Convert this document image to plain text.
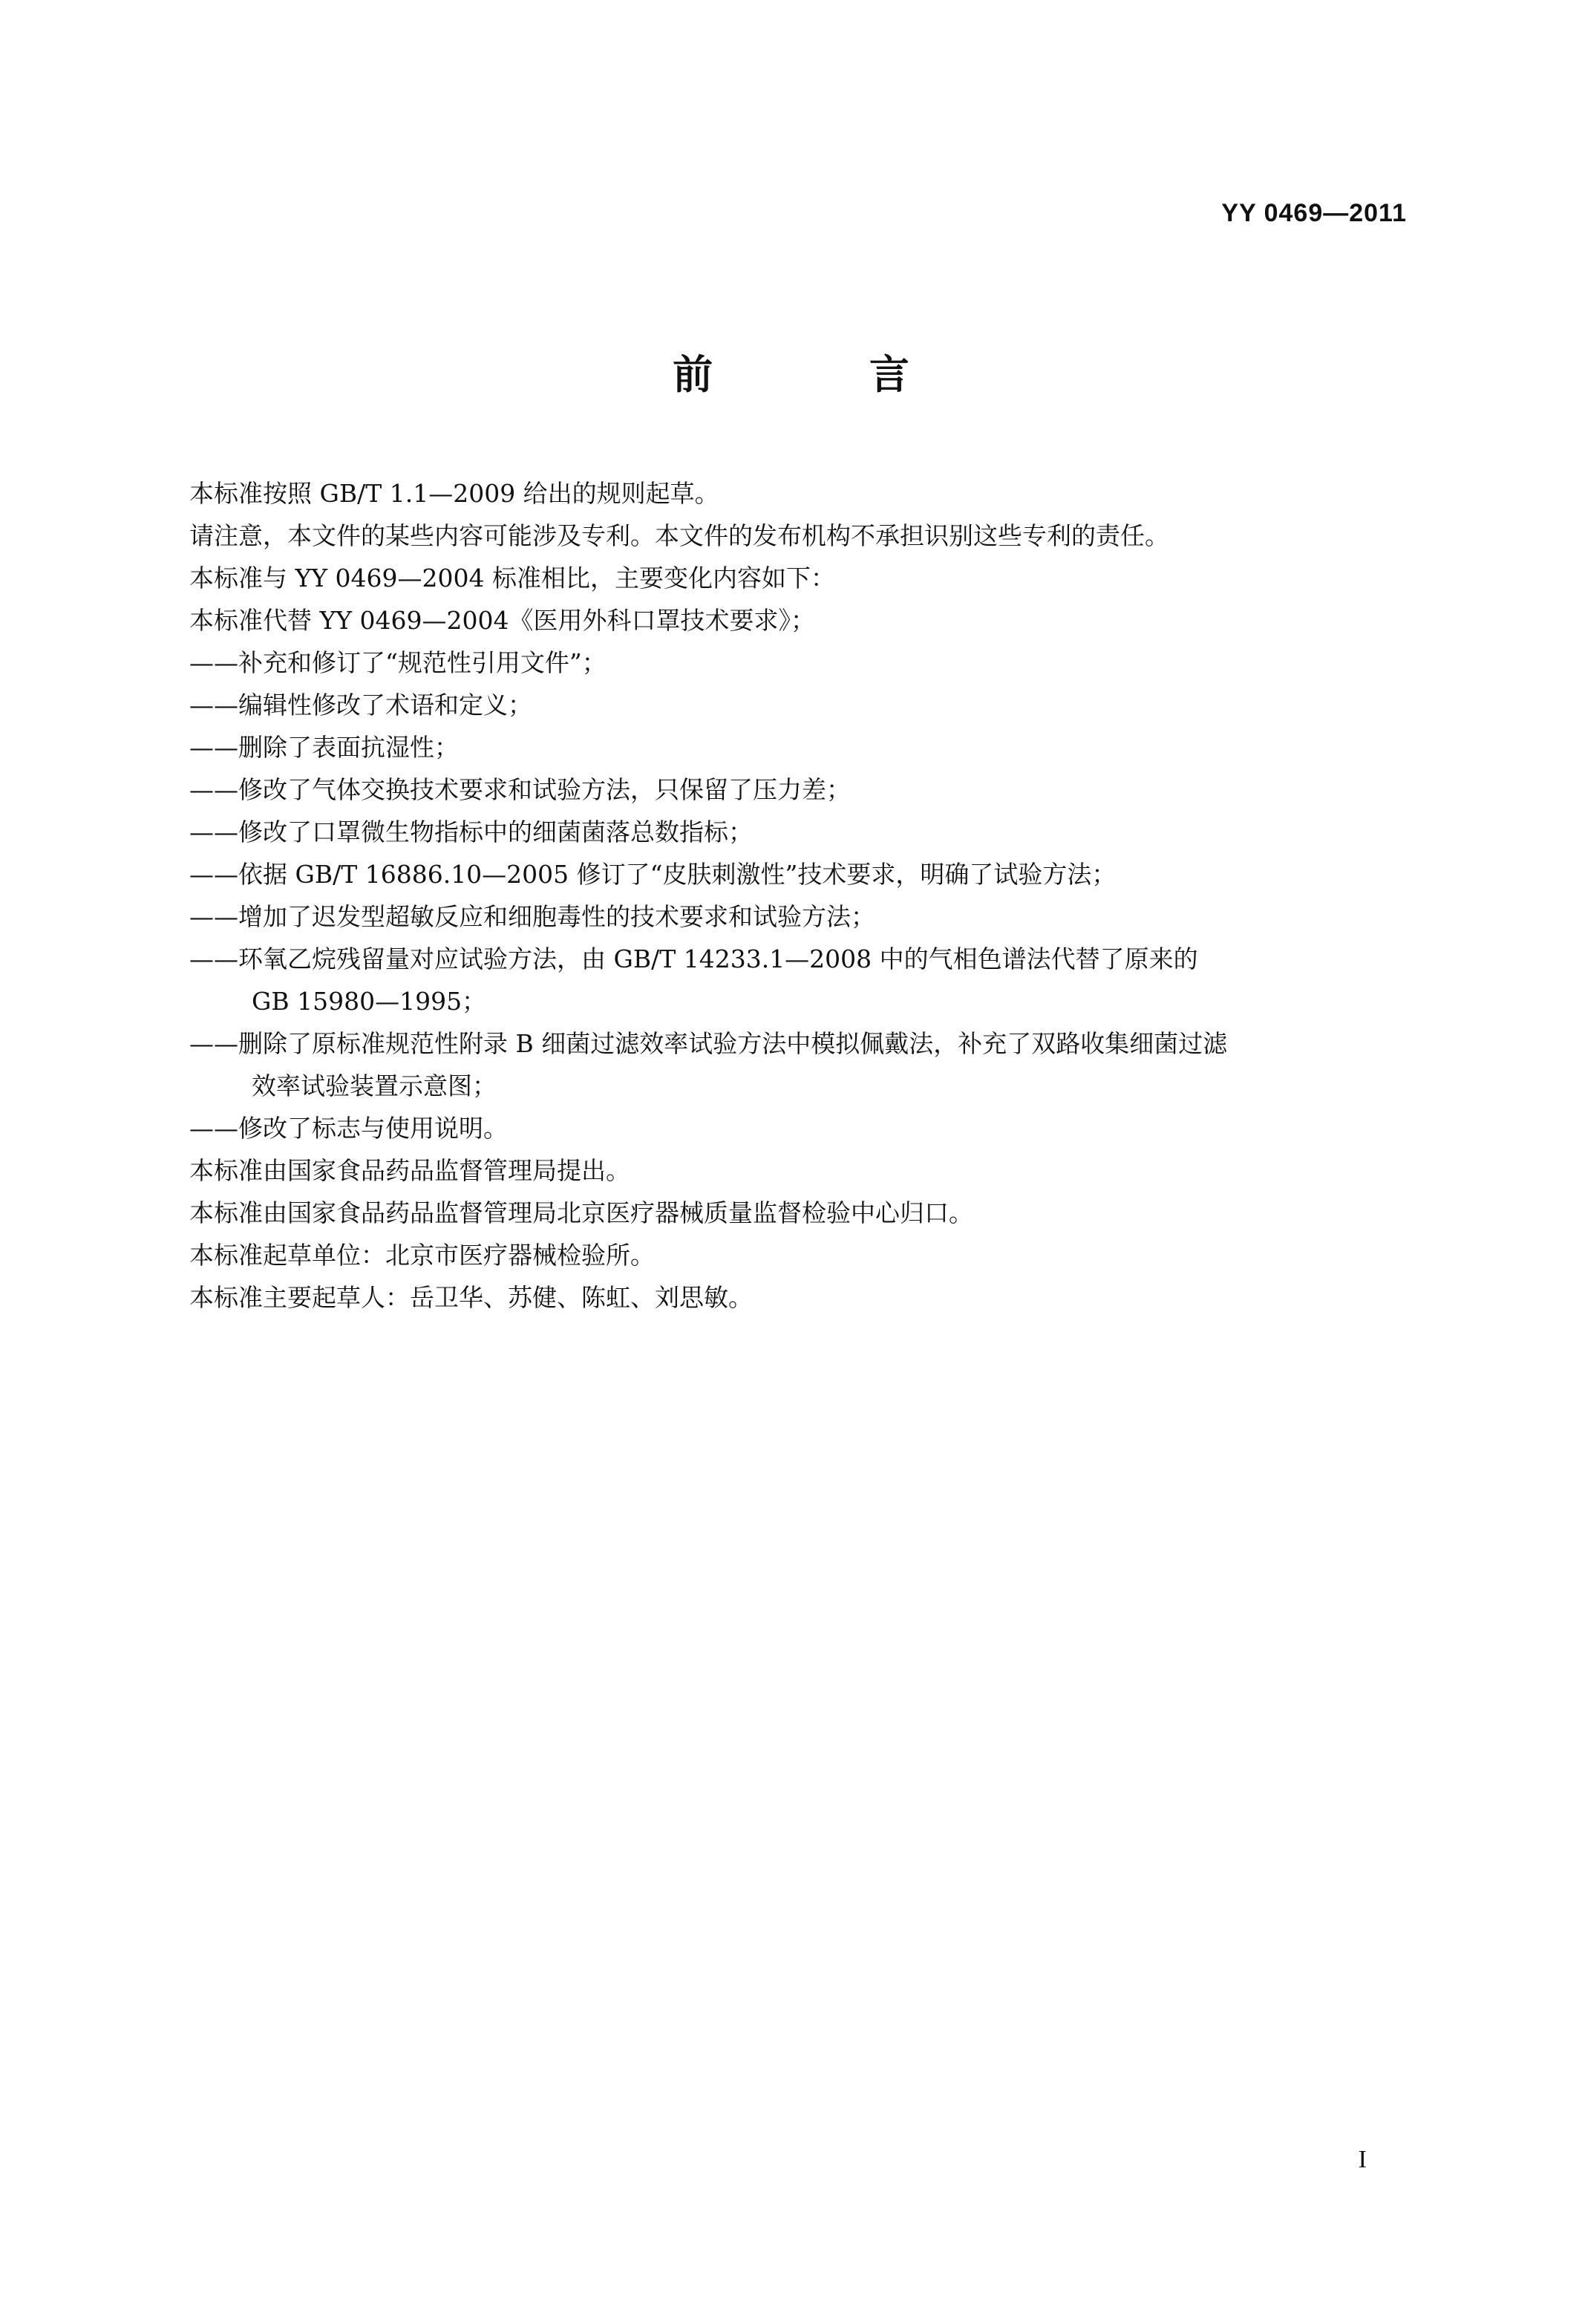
YY 0469—2011
前 言

本标准按照 GB/T 1.1—2009 给出的规则起草。

请注意，本文件的某些内容可能涉及专利。本文件的发布机构不承担识别这些专利的责任。

本标准与 YY 0469—2004 标准相比，主要变化内容如下：

本标准代替 YY 0469—2004《医用外科口罩技术要求》；

——补充和修订了“规范性引用文件”；

——编辑性修改了术语和定义；

——删除了表面抗湿性；

——修改了气体交换技术要求和试验方法，只保留了压力差；

——修改了口罩微生物指标中的细菌菌落总数指标；

——依据 GB/T 16886.10—2005 修订了“皮肤刺激性”技术要求，明确了试验方法；

——增加了迟发型超敏反应和细胞毒性的技术要求和试验方法；

——环氧乙烷残留量对应试验方法，由 GB/T 14233.1—2008 中的气相色谱法代替了原来的

GB 15980—1995；

——删除了原标准规范性附录 B 细菌过滤效率试验方法中模拟佩戴法，补充了双路收集细菌过滤

效率试验装置示意图；

——修改了标志与使用说明。

本标准由国家食品药品监督管理局提出。

本标准由国家食品药品监督管理局北京医疗器械质量监督检验中心归口。

本标准起草单位：北京市医疗器械检验所。

本标准主要起草人：岳卫华、苏健、陈虹、刘思敏。

I
